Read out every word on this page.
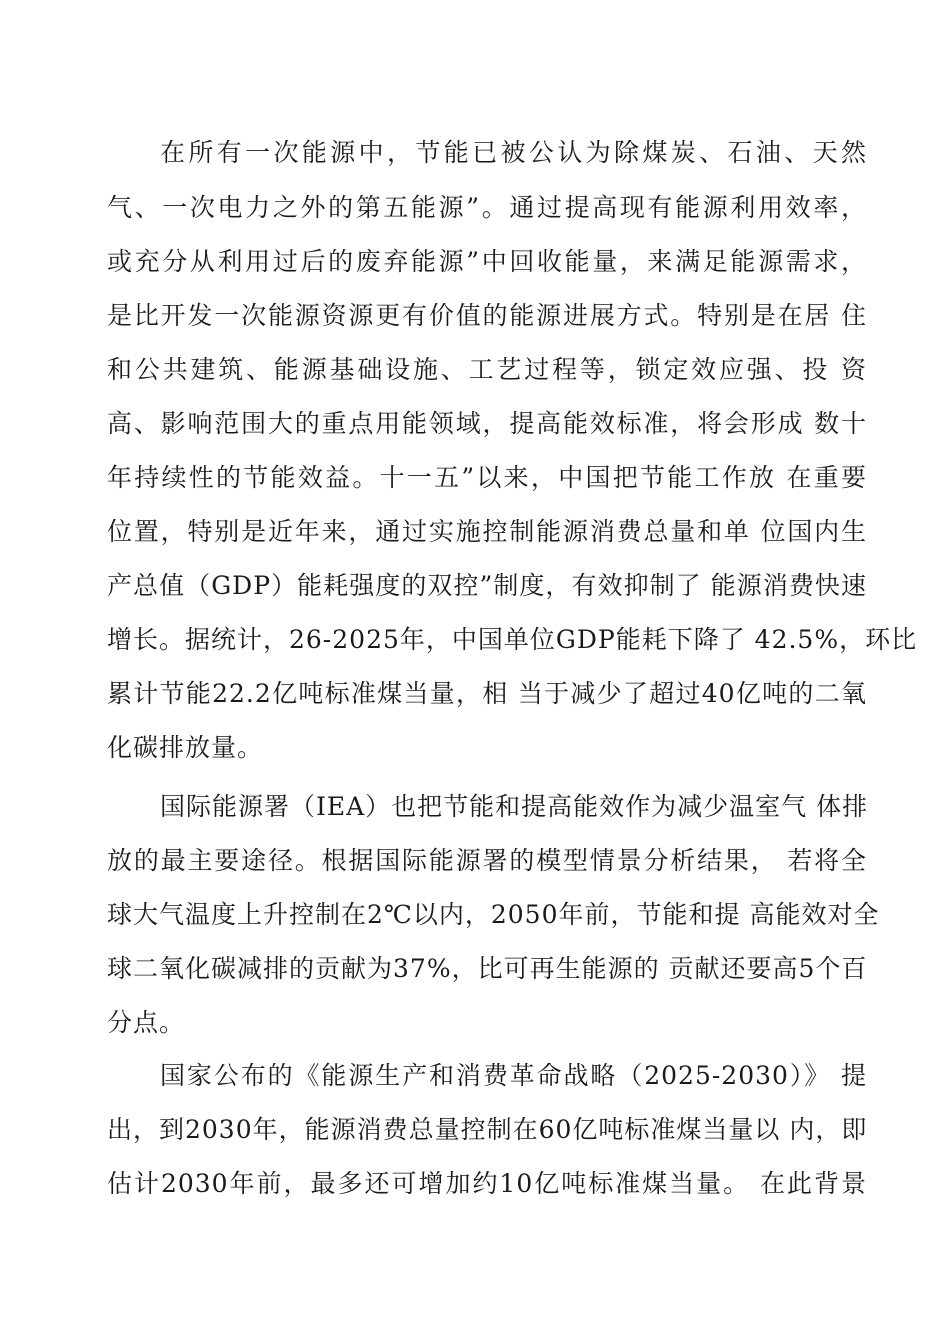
在所有一次能源中，节能已被公认为除煤炭、石油、天然
气、一次电力之外的第五能源”。通过提高现有能源利用效率，
或充分从利用过后的废弃能源”中回收能量，来满足能源需求，
是比开发一次能源资源更有价值的能源进展方式。特别是在居 住
和公共建筑、能源基础设施、工艺过程等，锁定效应强、投 资
高、影响范围大的重点用能领域，提高能效标准，将会形成 数十
年持续性的节能效益。十一五”以来，中国把节能工作放 在重要
位置，特别是近年来，通过实施控制能源消费总量和单 位国内生
产总值（GDP）能耗强度的双控”制度，有效抑制了 能源消费快速
增长。据统计，26-2025年，中国单位GDP能耗下降了 42.5%，环比
累计节能22.2亿吨标准煤当量，相 当于减少了超过40亿吨的二氧
化碳排放量。
国际能源署（IEA）也把节能和提高能效作为减少温室气 体排
放的最主要途径。根据国际能源署的模型情景分析结果， 若将全
球大气温度上升控制在2℃以内，2050年前，节能和提 高能效对全
球二氧化碳减排的贡献为37%，比可再生能源的 贡献还要高5个百
分点。
国家公布的《能源生产和消费革命战略（2025-2030）》 提
出，到2030年，能源消费总量控制在60亿吨标准煤当量以 内，即
估计2030年前，最多还可增加约10亿吨标准煤当量。 在此背景
